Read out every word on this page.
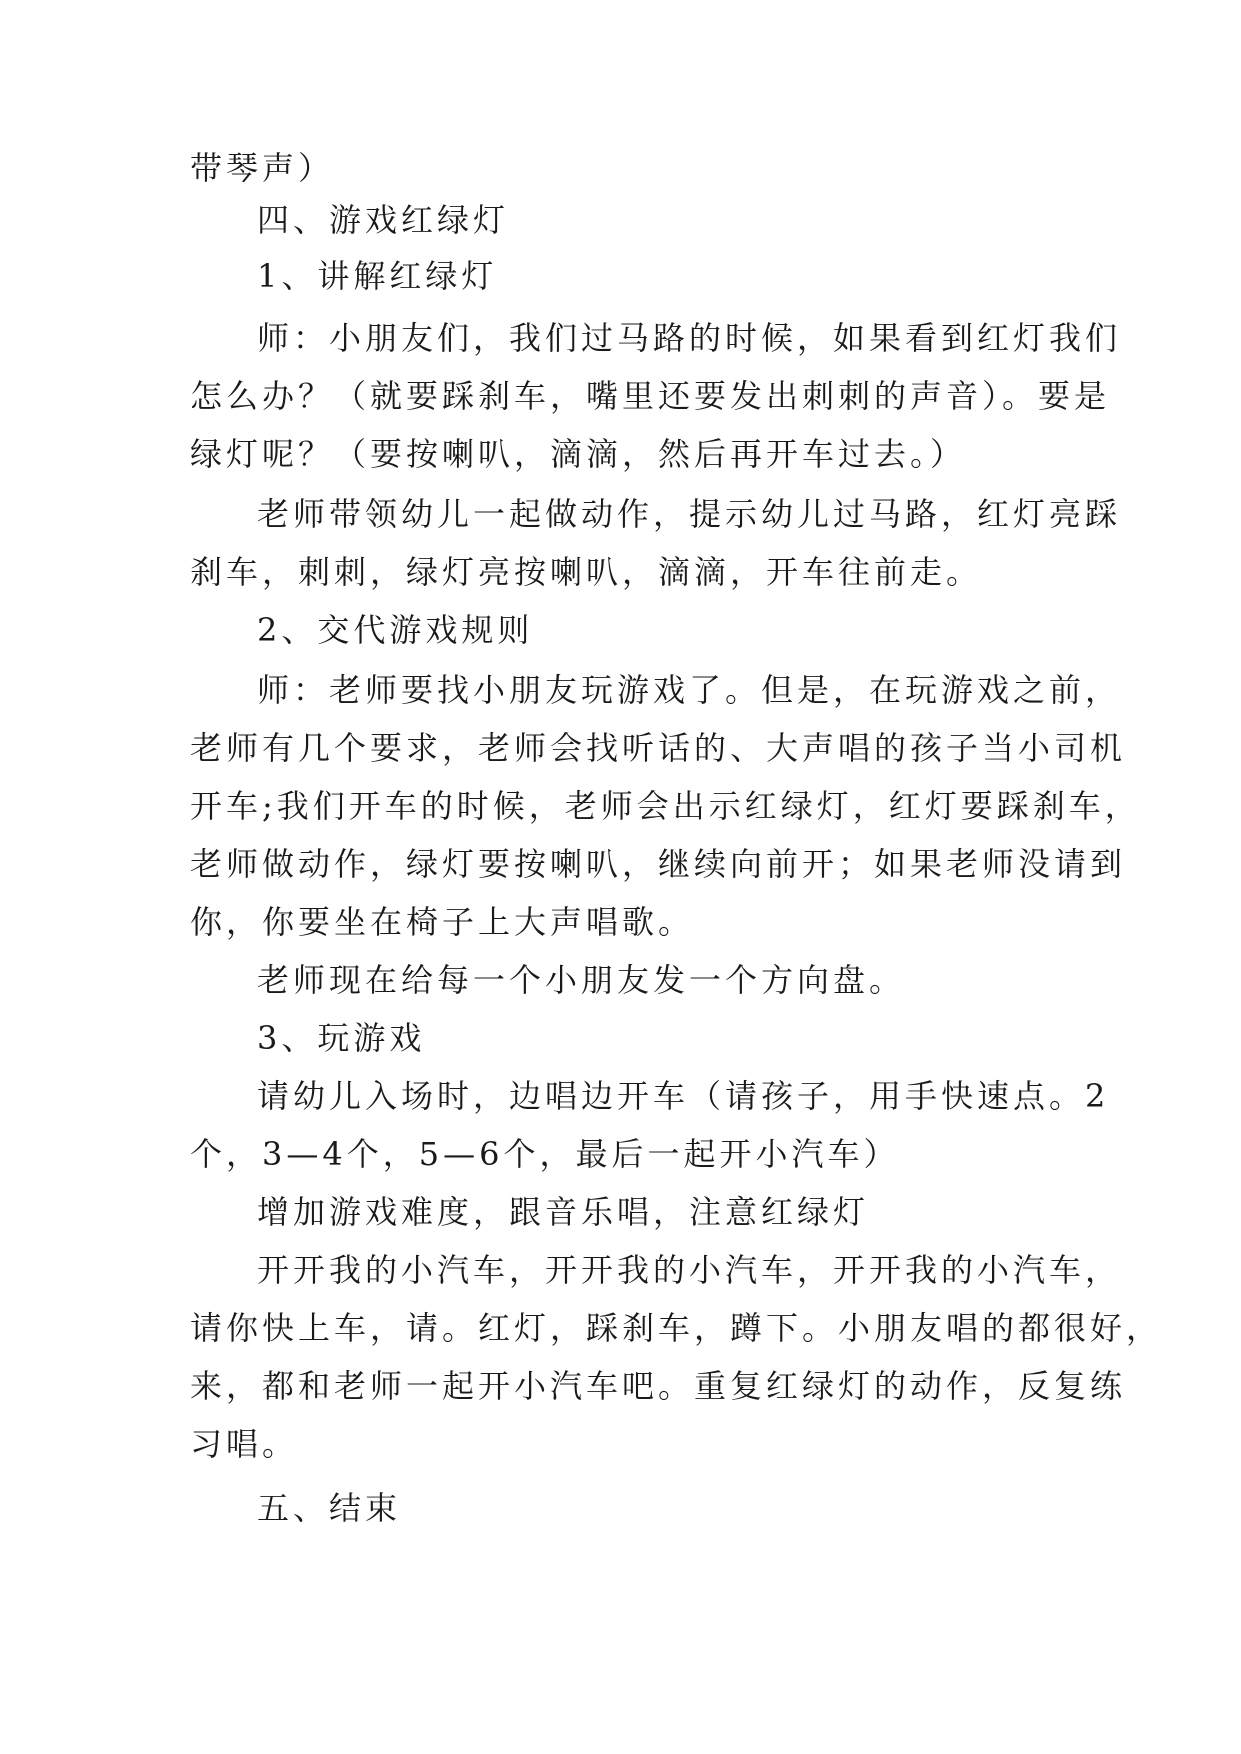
带琴声）
四、游戏红绿灯
1、讲解红绿灯
师：小朋友们，我们过马路的时候，如果看到红灯我们
怎么办？（就要踩刹车，嘴里还要发出刺刺的声音）。要是
绿灯呢？（要按喇叭，滴滴，然后再开车过去。）
老师带领幼儿一起做动作，提示幼儿过马路，红灯亮踩
刹车，刺刺，绿灯亮按喇叭，滴滴，开车往前走。
2、交代游戏规则
师：老师要找小朋友玩游戏了。但是，在玩游戏之前，
老师有几个要求，老师会找听话的、大声唱的孩子当小司机
开车;我们开车的时候，老师会出示红绿灯，红灯要踩刹车，
老师做动作，绿灯要按喇叭，继续向前开；如果老师没请到
你，你要坐在椅子上大声唱歌。
老师现在给每一个小朋友发一个方向盘。
3、玩游戏
请幼儿入场时，边唱边开车（请孩子，用手快速点。2
个，3—4个，5—6个，最后一起开小汽车）
增加游戏难度，跟音乐唱，注意红绿灯
开开我的小汽车，开开我的小汽车，开开我的小汽车，
请你快上车，请。红灯，踩刹车，蹲下。小朋友唱的都很好，
来，都和老师一起开小汽车吧。重复红绿灯的动作，反复练
习唱。
五、结束
